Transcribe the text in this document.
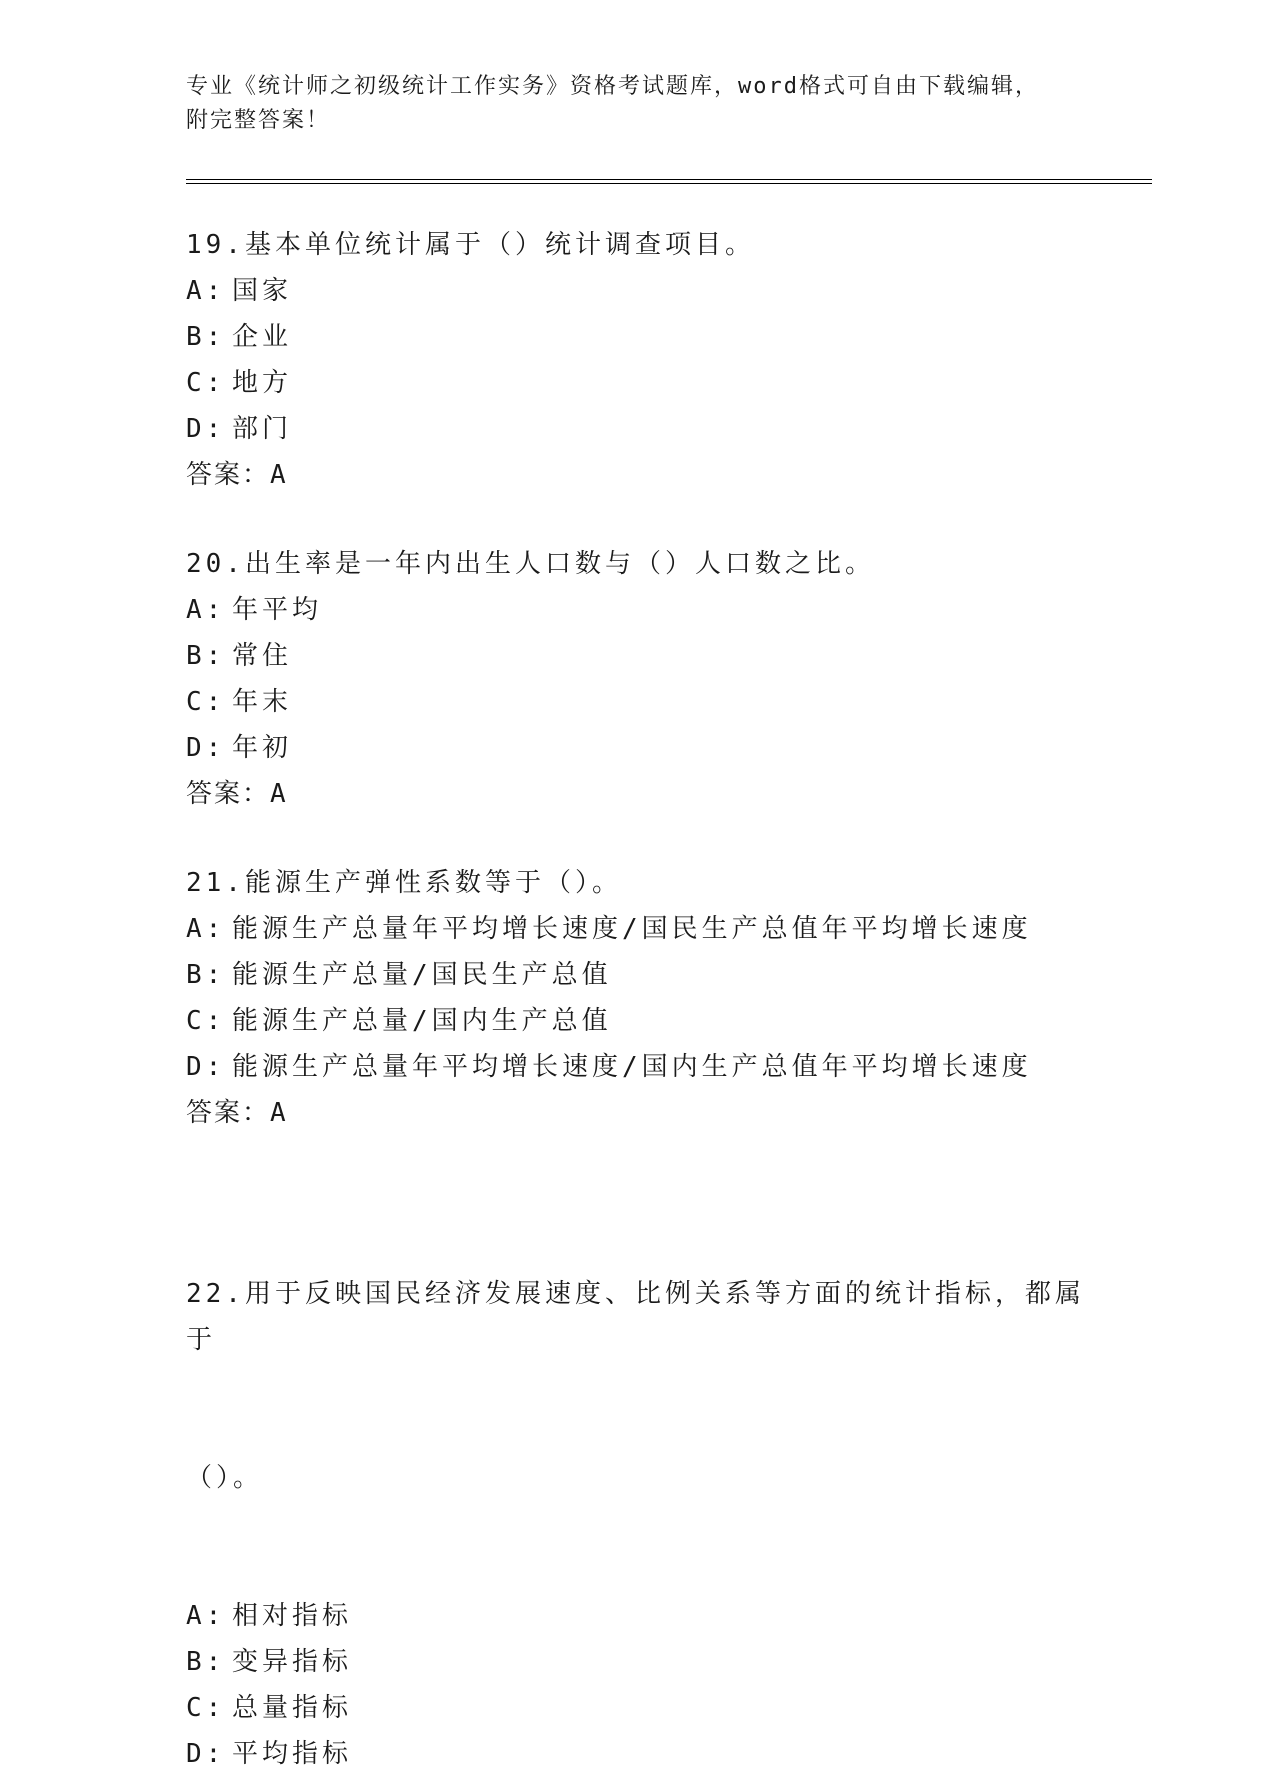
专业《统计师之初级统计工作实务》资格考试题库，word格式可自由下载编辑，
附完整答案！
19.基本单位统计属于（）统计调查项目。
A: 国家
B: 企业
C: 地方
D: 部门
答案：A
20.出生率是一年内出生人口数与（）人口数之比。
A: 年平均
B: 常住
C: 年末
D: 年初
答案：A
21.能源生产弹性系数等于（）。
A: 能源生产总量年平均增长速度/国民生产总值年平均增长速度
B: 能源生产总量/国民生产总值
C: 能源生产总量/国内生产总值
D: 能源生产总量年平均增长速度/国内生产总值年平均增长速度
答案：A

22.用于反映国民经济发展速度、比例关系等方面的统计指标，都属于

（）。

A: 相对指标
B: 变异指标
C: 总量指标
D: 平均指标
